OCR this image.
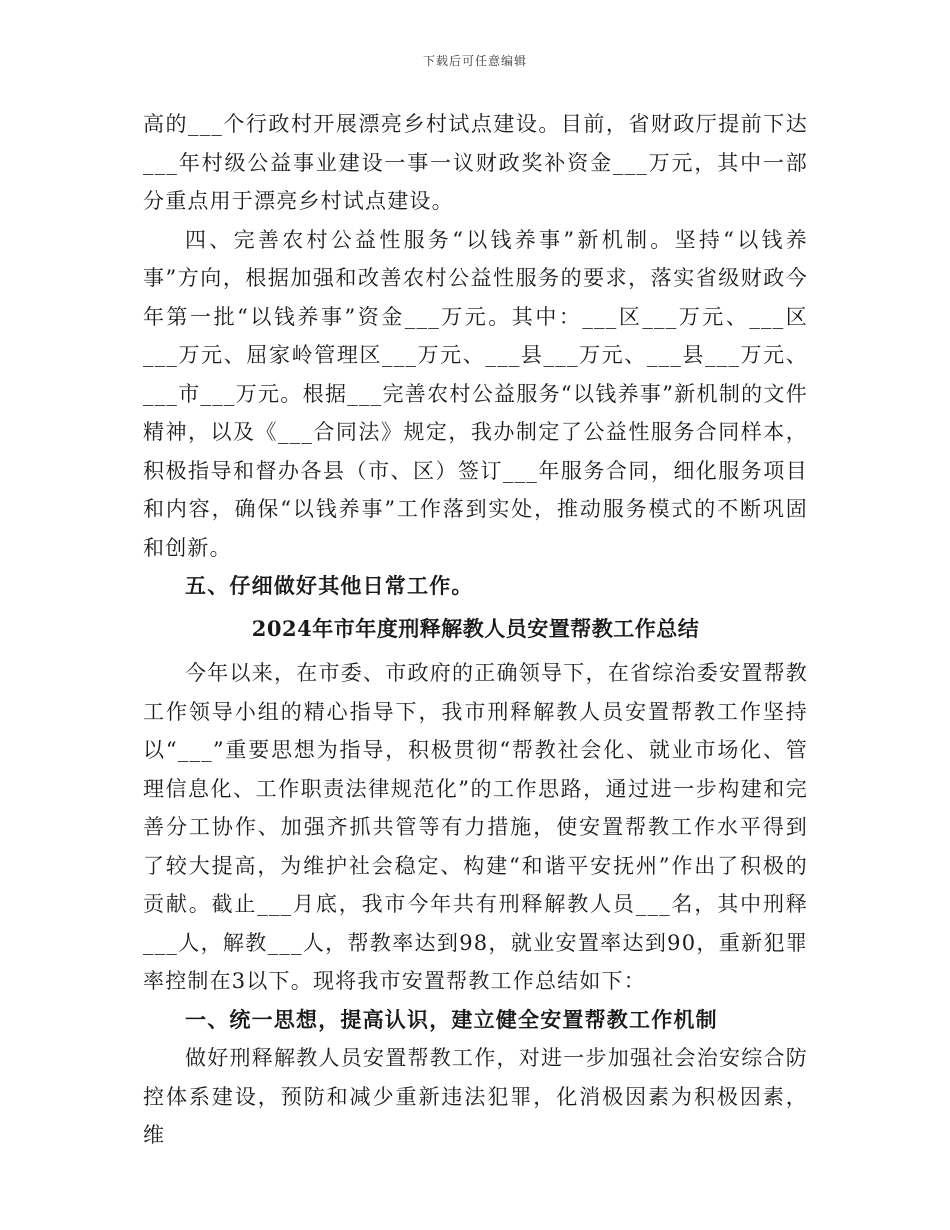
下载后可任意编辑

高的___个行政村开展漂亮乡村试点建设。目前，省财政厅提前下达___年村级公益事业建设一事一议财政奖补资金___万元，其中一部分重点用于漂亮乡村试点建设。

四、完善农村公益性服务“以钱养事”新机制。坚持“以钱养事”方向，根据加强和改善农村公益性服务的要求，落实省级财政今年第一批“以钱养事”资金___万元。其中：___区___万元、___区___万元、屈家岭管理区___万元、___县___万元、___县___万元、___市___万元。根据___完善农村公益服务“以钱养事”新机制的文件精神，以及《___合同法》规定，我办制定了公益性服务合同样本，积极指导和督办各县（市、区）签订___年服务合同，细化服务项目和内容，确保“以钱养事”工作落到实处，推动服务模式的不断巩固和创新。

五、仔细做好其他日常工作。

2024年市年度刑释解教人员安置帮教工作总结

今年以来，在市委、市政府的正确领导下，在省综治委安置帮教工作领导小组的精心指导下，我市刑释解教人员安置帮教工作坚持以“___”重要思想为指导，积极贯彻“帮教社会化、就业市场化、管理信息化、工作职责法律规范化”的工作思路，通过进一步构建和完善分工协作、加强齐抓共管等有力措施，使安置帮教工作水平得到了较大提高，为维护社会稳定、构建“和谐平安抚州”作出了积极的贡献。截止___月底，我市今年共有刑释解教人员___名，其中刑释___人，解教___人，帮教率达到98，就业安置率达到90，重新犯罪率控制在3以下。现将我市安置帮教工作总结如下：

一、统一思想，提高认识，建立健全安置帮教工作机制

做好刑释解教人员安置帮教工作，对进一步加强社会治安综合防控体系建设，预防和减少重新违法犯罪，化消极因素为积极因素，维
